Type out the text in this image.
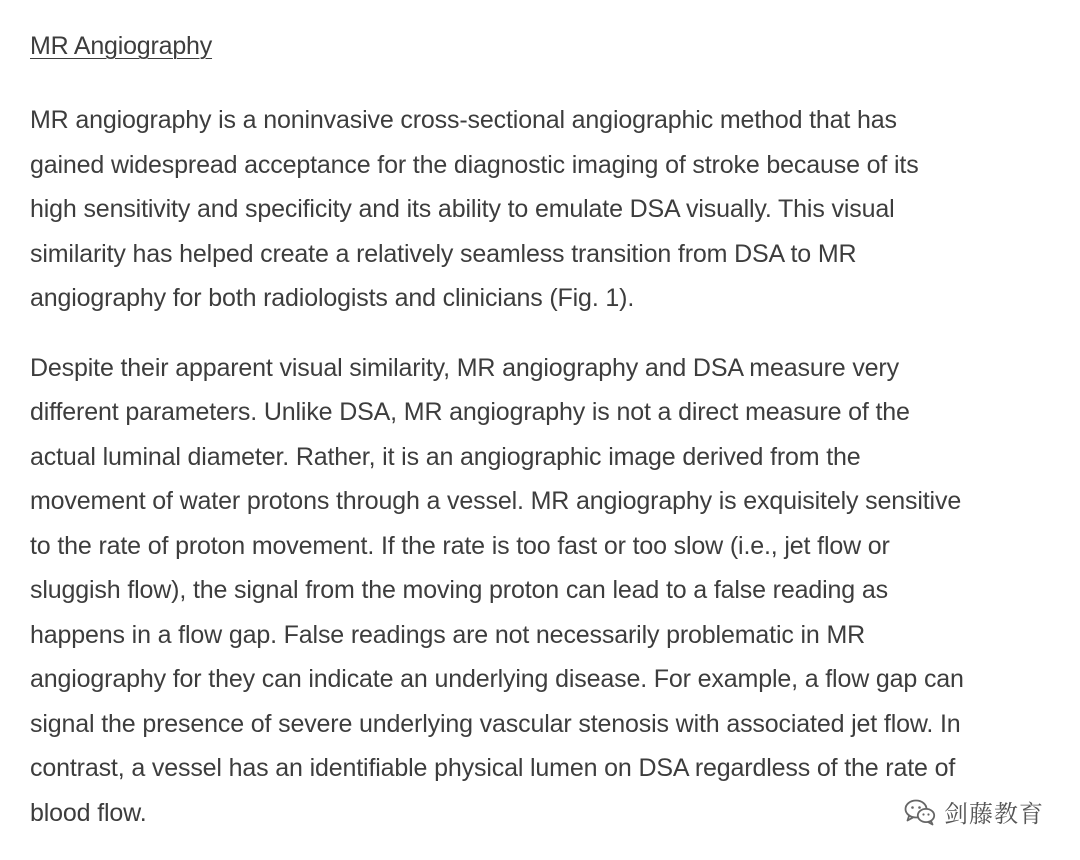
MR Angiography

MR angiography is a noninvasive cross-sectional angiographic method that has
gained widespread acceptance for the diagnostic imaging of stroke because of its
high sensitivity and specificity and its ability to emulate DSA visually. This visual
similarity has helped create a relatively seamless transition from DSA to MR
angiography for both radiologists and clinicians (Fig. 1).

Despite their apparent visual similarity, MR angiography and DSA measure very
different parameters. Unlike DSA, MR angiography is not a direct measure of the
actual luminal diameter. Rather, it is an angiographic image derived from the
movement of water protons through a vessel. MR angiography is exquisitely sensitive
to the rate of proton movement. If the rate is too fast or too slow (i.e., jet flow or
sluggish flow), the signal from the moving proton can lead to a false reading as
happens in a flow gap. False readings are not necessarily problematic in MR
angiography for they can indicate an underlying disease. For example, a flow gap can
signal the presence of severe underlying vascular stenosis with associated jet flow. In
contrast, a vessel has an identifiable physical lumen on DSA regardless of the rate of
blood flow.	剑藤教育
